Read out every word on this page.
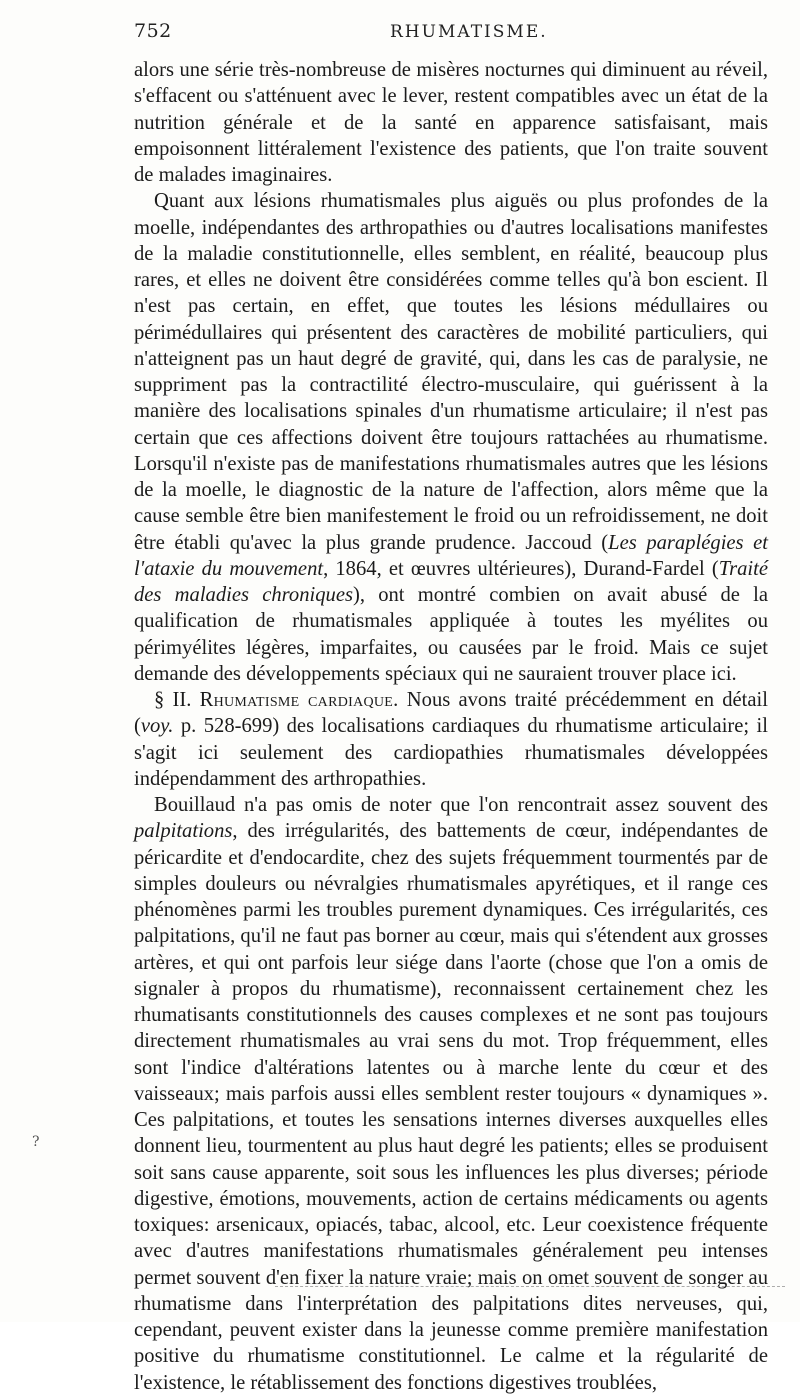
752	RHUMATISME.

alors une série très-nombreuse de misères nocturnes qui diminuent au réveil, s'effacent ou s'atténuent avec le lever, restent compatibles avec un état de la nutrition générale et de la santé en apparence satisfaisant, mais empoisonnent littéralement l'existence des patients, que l'on traite souvent de malades imaginaires.

Quant aux lésions rhumatismales plus aiguës ou plus profondes de la moelle, indépendantes des arthropathies ou d'autres localisations manifestes de la maladie constitutionnelle, elles semblent, en réalité, beaucoup plus rares, et elles ne doivent être considérées comme telles qu'à bon escient. Il n'est pas certain, en effet, que toutes les lésions médullaires ou périmédullaires qui présentent des caractères de mobilité particuliers, qui n'atteignent pas un haut degré de gravité, qui, dans les cas de paralysie, ne suppriment pas la contractilité électro-musculaire, qui guérissent à la manière des localisations spinales d'un rhumatisme articulaire; il n'est pas certain que ces affections doivent être toujours rattachées au rhumatisme. Lorsqu'il n'existe pas de manifestations rhumatismales autres que les lésions de la moelle, le diagnostic de la nature de l'affection, alors même que la cause semble être bien manifestement le froid ou un refroidissement, ne doit être établi qu'avec la plus grande prudence. Jaccoud (Les paraplégies et l'ataxie du mouvement, 1864, et œuvres ultérieures), Durand-Fardel (Traité des maladies chroniques), ont montré combien on avait abusé de la qualification de rhumatismales appliquée à toutes les myélites ou périmyélites légères, imparfaites, ou causées par le froid. Mais ce sujet demande des développements spéciaux qui ne sauraient trouver place ici.

§ II. Rhumatisme cardiaque. Nous avons traité précédemment en détail (voy. p. 528-699) des localisations cardiaques du rhumatisme articulaire; il s'agit ici seulement des cardiopathies rhumatismales développées indépendamment des arthropathies.

Bouillaud n'a pas omis de noter que l'on rencontrait assez souvent des palpitations, des irrégularités, des battements de cœur, indépendantes de péricardite et d'endocardite, chez des sujets fréquemment tourmentés par de simples douleurs ou névralgies rhumatismales apyrétiques, et il range ces phénomènes parmi les troubles purement dynamiques. Ces irrégularités, ces palpitations, qu'il ne faut pas borner au cœur, mais qui s'étendent aux grosses artères, et qui ont parfois leur siége dans l'aorte (chose que l'on a omis de signaler à propos du rhumatisme), reconnaissent certainement chez les rhumatisants constitutionnels des causes complexes et ne sont pas toujours directement rhumatismales au vrai sens du mot. Trop fréquemment, elles sont l'indice d'altérations latentes ou à marche lente du cœur et des vaisseaux; mais parfois aussi elles semblent rester toujours « dynamiques ». Ces palpitations, et toutes les sensations internes diverses auxquelles elles donnent lieu, tourmentent au plus haut degré les patients; elles se produisent soit sans cause apparente, soit sous les influences les plus diverses; période digestive, émotions, mouvements, action de certains médicaments ou agents toxiques: arsenicaux, opiacés, tabac, alcool, etc. Leur coexistence fréquente avec d'autres manifestations rhumatismales généralement peu intenses permet souvent d'en fixer la nature vraie; mais on omet souvent de songer au rhumatisme dans l'interprétation des palpitations dites nerveuses, qui, cependant, peuvent exister dans la jeunesse comme première manifestation positive du rhumatisme constitutionnel. Le calme et la régularité de l'existence, le rétablissement des fonctions digestives troublées,

?
